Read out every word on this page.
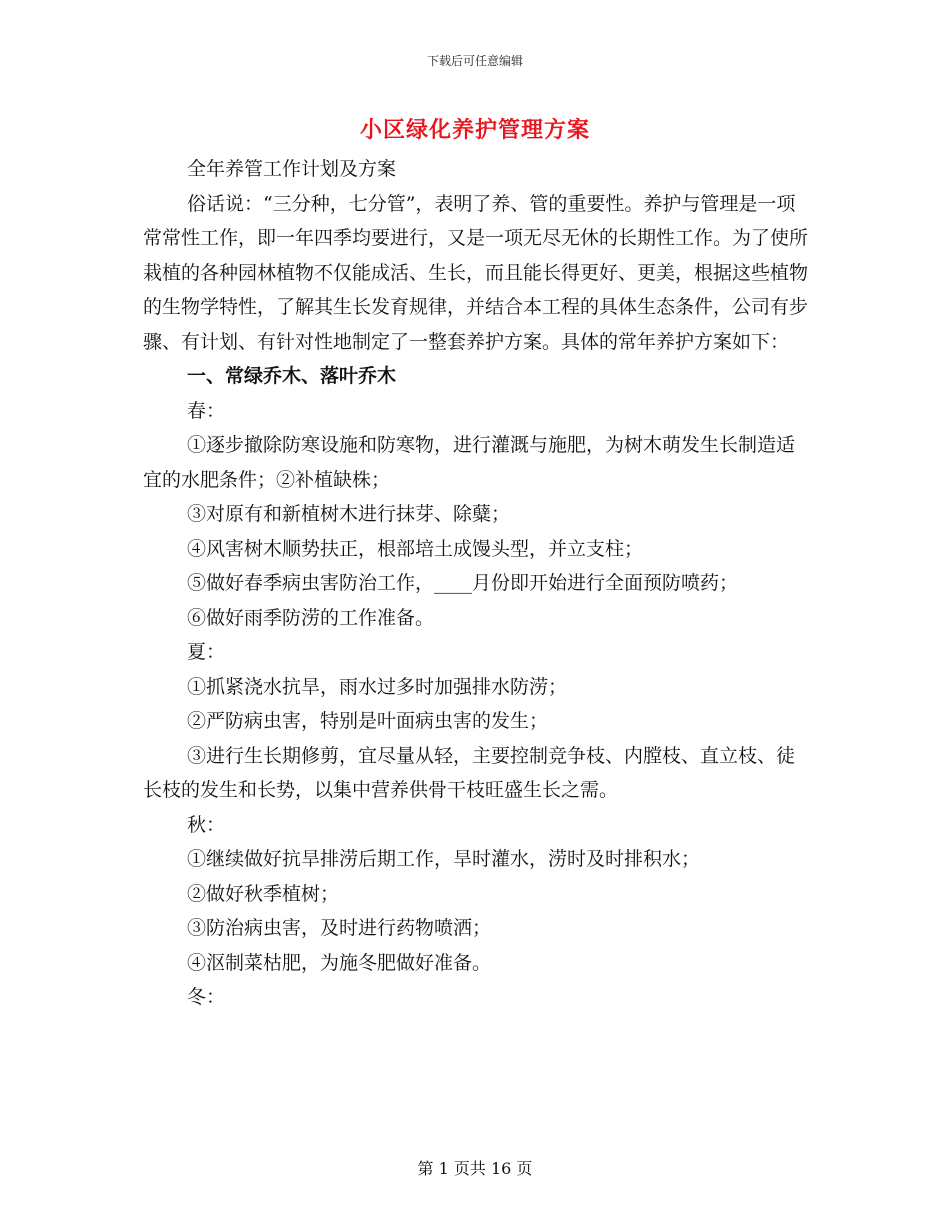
下载后可任意编辑
小区绿化养护管理方案

全年养管工作计划及方案

俗话说：“三分种，七分管”，表明了养、管的重要性。养护与管理是一项常常性工作，即一年四季均要进行，又是一项无尽无休的长期性工作。为了使所栽植的各种园林植物不仅能成活、生长，而且能长得更好、更美，根据这些植物的生物学特性，了解其生长发育规律，并结合本工程的具体生态条件，公司有步骤、有计划、有针对性地制定了一整套养护方案。具体的常年养护方案如下：

一、常绿乔木、落叶乔木

春：

①逐步撤除防寒设施和防寒物，进行灌溉与施肥，为树木萌发生长制造适宜的水肥条件；②补植缺株；

③对原有和新植树木进行抹芽、除糵；

④风害树木顺势扶正，根部培土成馒头型，并立支柱；

⑤做好春季病虫害防治工作，____月份即开始进行全面预防喷药；

⑥做好雨季防涝的工作准备。

夏：

①抓紧浇水抗旱，雨水过多时加强排水防涝；

②严防病虫害，特别是叶面病虫害的发生；

③进行生长期修剪，宜尽量从轻，主要控制竞争枝、内膛枝、直立枝、徒长枝的发生和长势，以集中营养供骨干枝旺盛生长之需。

秋：

①继续做好抗旱排涝后期工作，旱时灌水，涝时及时排积水；

②做好秋季植树；

③防治病虫害，及时进行药物喷洒；

④沤制菜枯肥，为施冬肥做好准备。

冬：

第 1 页共 16 页
